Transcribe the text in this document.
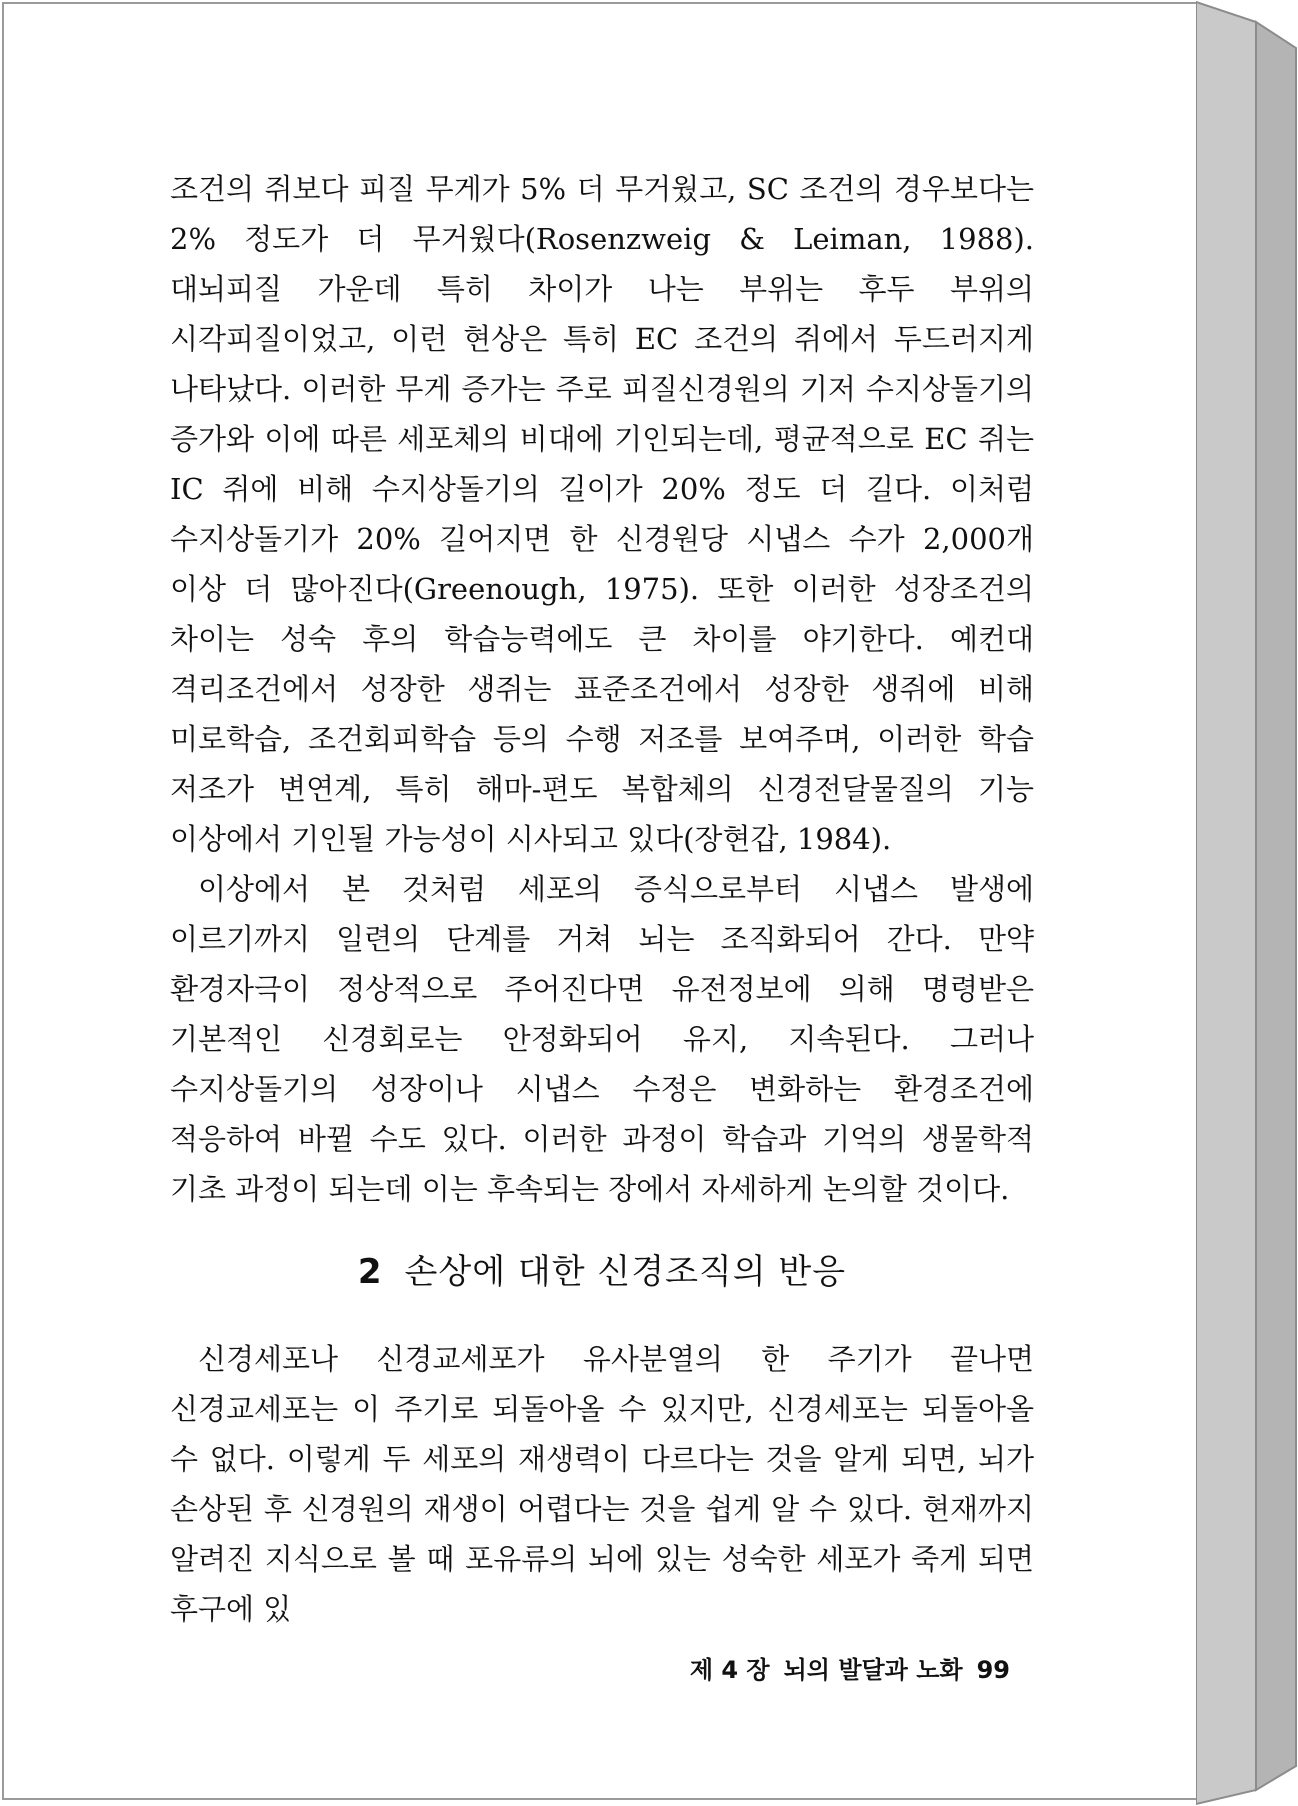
조건의 쥐보다 피질 무게가 5% 더 무거웠고, SC 조건의 경우보다는 2% 정도가 더 무거웠다(Rosenzweig & Leiman, 1988). 대뇌피질 가운데 특히 차이가 나는 부위는 후두 부위의 시각피질이었고, 이런 현상은 특히 EC 조건의 쥐에서 두드러지게 나타났다. 이러한 무게 증가는 주로 피질신경원의 기저 수지상돌기의 증가와 이에 따른 세포체의 비대에 기인되는데, 평균적으로 EC 쥐는 IC 쥐에 비해 수지상돌기의 길이가 20% 정도 더 길다. 이처럼 수지상돌기가 20% 길어지면 한 신경원당 시냅스 수가 2,000개 이상 더 많아진다(Greenough, 1975). 또한 이러한 성장조건의 차이는 성숙 후의 학습능력에도 큰 차이를 야기한다. 예컨대 격리조건에서 성장한 생쥐는 표준조건에서 성장한 생쥐에 비해 미로학습, 조건회피학습 등의 수행 저조를 보여주며, 이러한 학습 저조가 변연계, 특히 해마-편도 복합체의 신경전달물질의 기능 이상에서 기인될 가능성이 시사되고 있다(장현갑, 1984).

이상에서 본 것처럼 세포의 증식으로부터 시냅스 발생에 이르기까지 일련의 단계를 거쳐 뇌는 조직화되어 간다. 만약 환경자극이 정상적으로 주어진다면 유전정보에 의해 명령받은 기본적인 신경회로는 안정화되어 유지, 지속된다. 그러나 수지상돌기의 성장이나 시냅스 수정은 변화하는 환경조건에 적응하여 바뀔 수도 있다. 이러한 과정이 학습과 기억의 생물학적 기초 과정이 되는데 이는 후속되는 장에서 자세하게 논의할 것이다.

2 손상에 대한 신경조직의 반응

신경세포나 신경교세포가 유사분열의 한 주기가 끝나면 신경교세포는 이 주기로 되돌아올 수 있지만, 신경세포는 되돌아올 수 없다. 이렇게 두 세포의 재생력이 다르다는 것을 알게 되면, 뇌가 손상된 후 신경원의 재생이 어렵다는 것을 쉽게 알 수 있다. 현재까지 알려진 지식으로 볼 때 포유류의 뇌에 있는 성숙한 세포가 죽게 되면 후구에 있

제 4 장 뇌의 발달과 노화 99
